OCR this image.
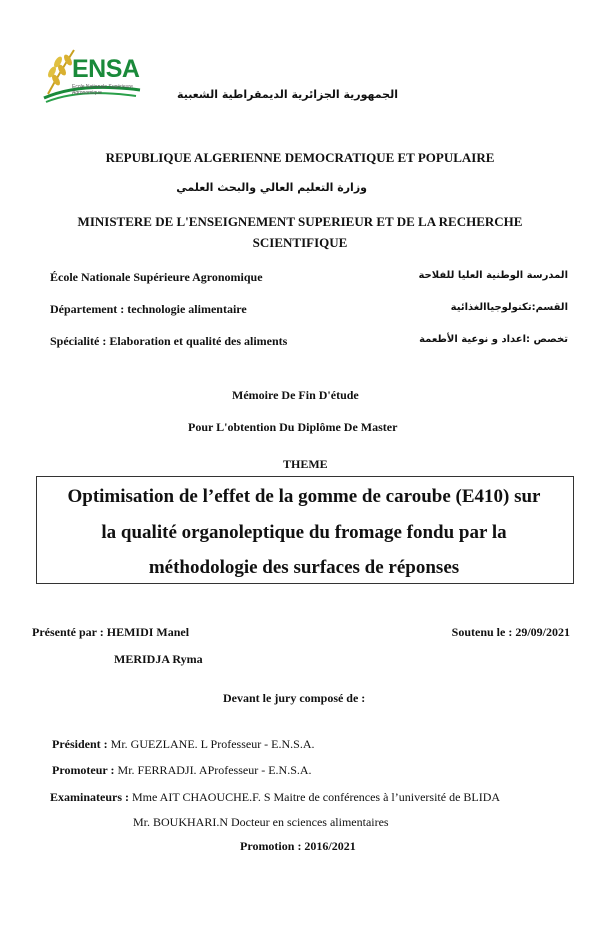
ENSA
Ecole Nationale Supérieure Agronomique	الجمهورية الجزائرية الديمقراطية الشعبية
REPUBLIQUE ALGERIENNE DEMOCRATIQUE ET POPULAIRE
وزارة التعليم العالي والبحث العلمي
MINISTERE DE L'ENSEIGNEMENT SUPERIEUR ET DE LA RECHERCHE
SCIENTIFIQUE
École Nationale Supérieure Agronomique	المدرسة الوطنية العليا للفلاحة
Département : technologie alimentaire	القسم:تكنولوجياالغذائية
Spécialité : Elaboration et qualité des aliments	تخصص :اعداد و نوعية الأطعمة
Mémoire De Fin D'étude
Pour L'obtention Du Diplôme De Master
THEME
Optimisation de l’effet de la gomme de caroube (E410) sur
la qualité organoleptique du fromage fondu par la
méthodologie des surfaces de réponses
Présenté par : HEMIDI Manel
MERIDJA Ryma
Soutenu le : 29/09/2021
Devant le jury composé de :
Président : Mr. GUEZLANE. L Professeur - E.N.S.A.
Promoteur : Mr. FERRADJI. AProfesseur - E.N.S.A.
Examinateurs : Mme AIT CHAOUCHE.F. S Maitre de conférences à l’université de BLIDA
Mr. BOUKHARI.N Docteur en sciences alimentaires
Promotion : 2016/2021
